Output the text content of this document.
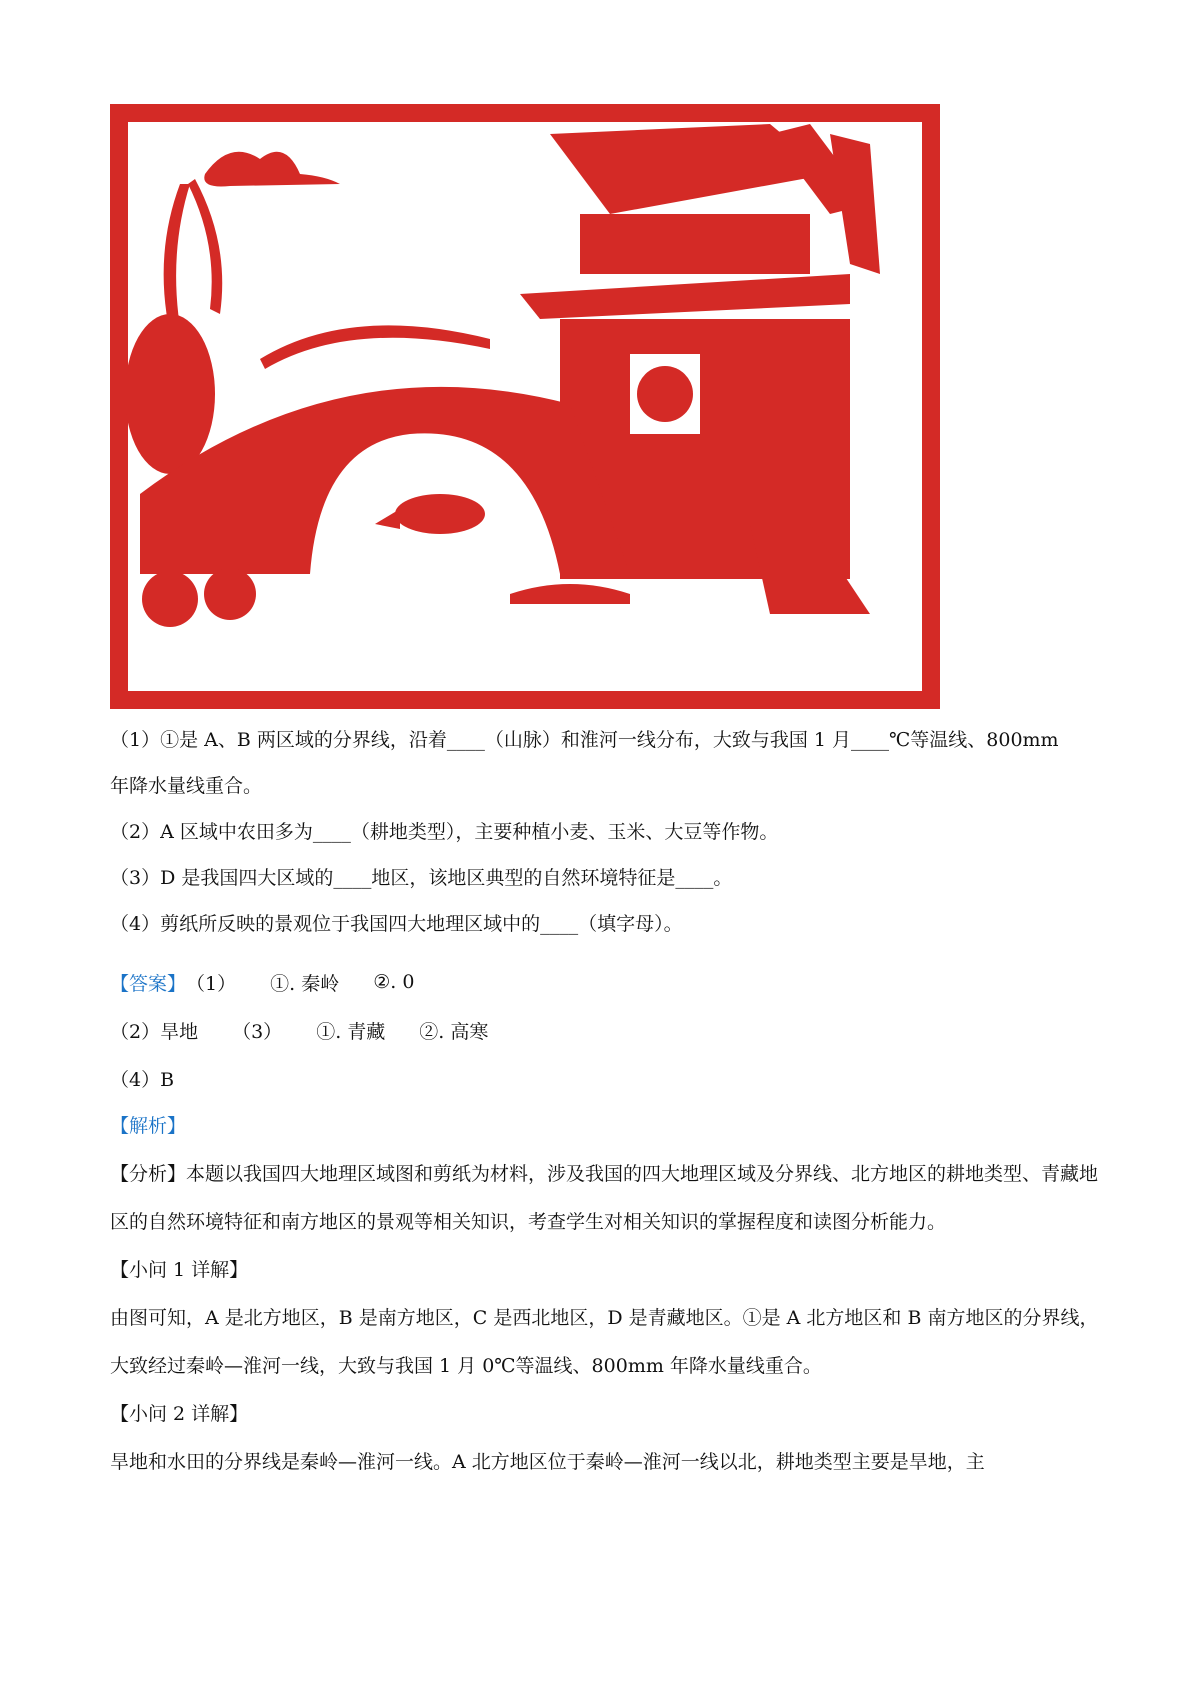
（1）①是 A、B 两区域的分界线，沿着____（山脉）和淮河一线分布，大致与我国 1 月____℃等温线、800mm

年降水量线重合。

（2）A 区域中农田多为____（耕地类型），主要种植小麦、玉米、大豆等作物。

（3）D 是我国四大区域的____地区，该地区典型的自然环境特征是____。

（4）剪纸所反映的景观位于我国四大地理区域中的____（填字母）。

【答案】 （1） ①. 秦岭 ②. 0
（2）旱地 （3） ①. 青藏 ②. 高寒
（4）B

【解析】

【分析】本题以我国四大地理区域图和剪纸为材料，涉及我国的四大地理区域及分界线、北方地区的耕地类型、青藏地区的自然环境特征和南方地区的景观等相关知识，考查学生对相关知识的掌握程度和读图分析能力。

【小问 1 详解】

由图可知，A 是北方地区，B 是南方地区，C 是西北地区，D 是青藏地区。①是 A 北方地区和 B 南方地区的分界线，大致经过秦岭—淮河一线，大致与我国 1 月 0℃等温线、800mm 年降水量线重合。

【小问 2 详解】

旱地和水田的分界线是秦岭—淮河一线。A 北方地区位于秦岭—淮河一线以北，耕地类型主要是旱地，主
